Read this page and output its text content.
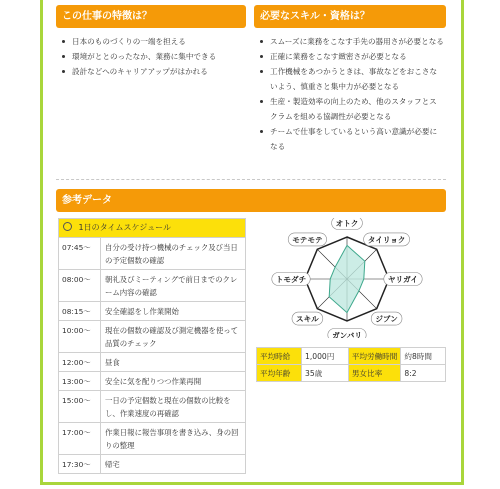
この仕事の特徴は？
日本のものづくりの一端を担える
環境がととのったなか、業務に集中できる
設計などへのキャリアアップがはかれる
必要なスキル・資格は？
スムーズに業務をこなす手先の器用さが必要となる
正確に業務をこなす緻密さが必要となる
工作機械をあつかうときは、事故などをおこさないよう、慎重さと集中力が必要となる
生産・製造効率の向上のため、他のスタッフとスクラムを組める協調性が必要となる
チームで仕事をしているという高い意識が必要になる
参考データ
1日のタイムスケジュール
07:45〜	自分の受け持つ機械のチェック及び当日の予定個数の確認
08:00〜	朝礼及びミーティングで前日までのクレーム内容の確認
08:15〜	安全確認をし作業開始
10:00〜	現在の個数の確認及び測定機器を使って品質のチェック
12:00〜	昼食
13:00〜	安全に気を配りつつ作業再開
15:00〜	一日の予定個数と現在の個数の比較をし、作業速度の再確認
17:00〜	作業日報に報告事項を書き込み、身の回りの整理
17:30〜	帰宅
オトク
タイリョク
ヤリガイ
ジブン
ガンバリ
スキル
トモダチ
モテモテ
平均時給	1,000円	平均労働時間	約8時間
平均年齢	35歳	男女比率	8:2
